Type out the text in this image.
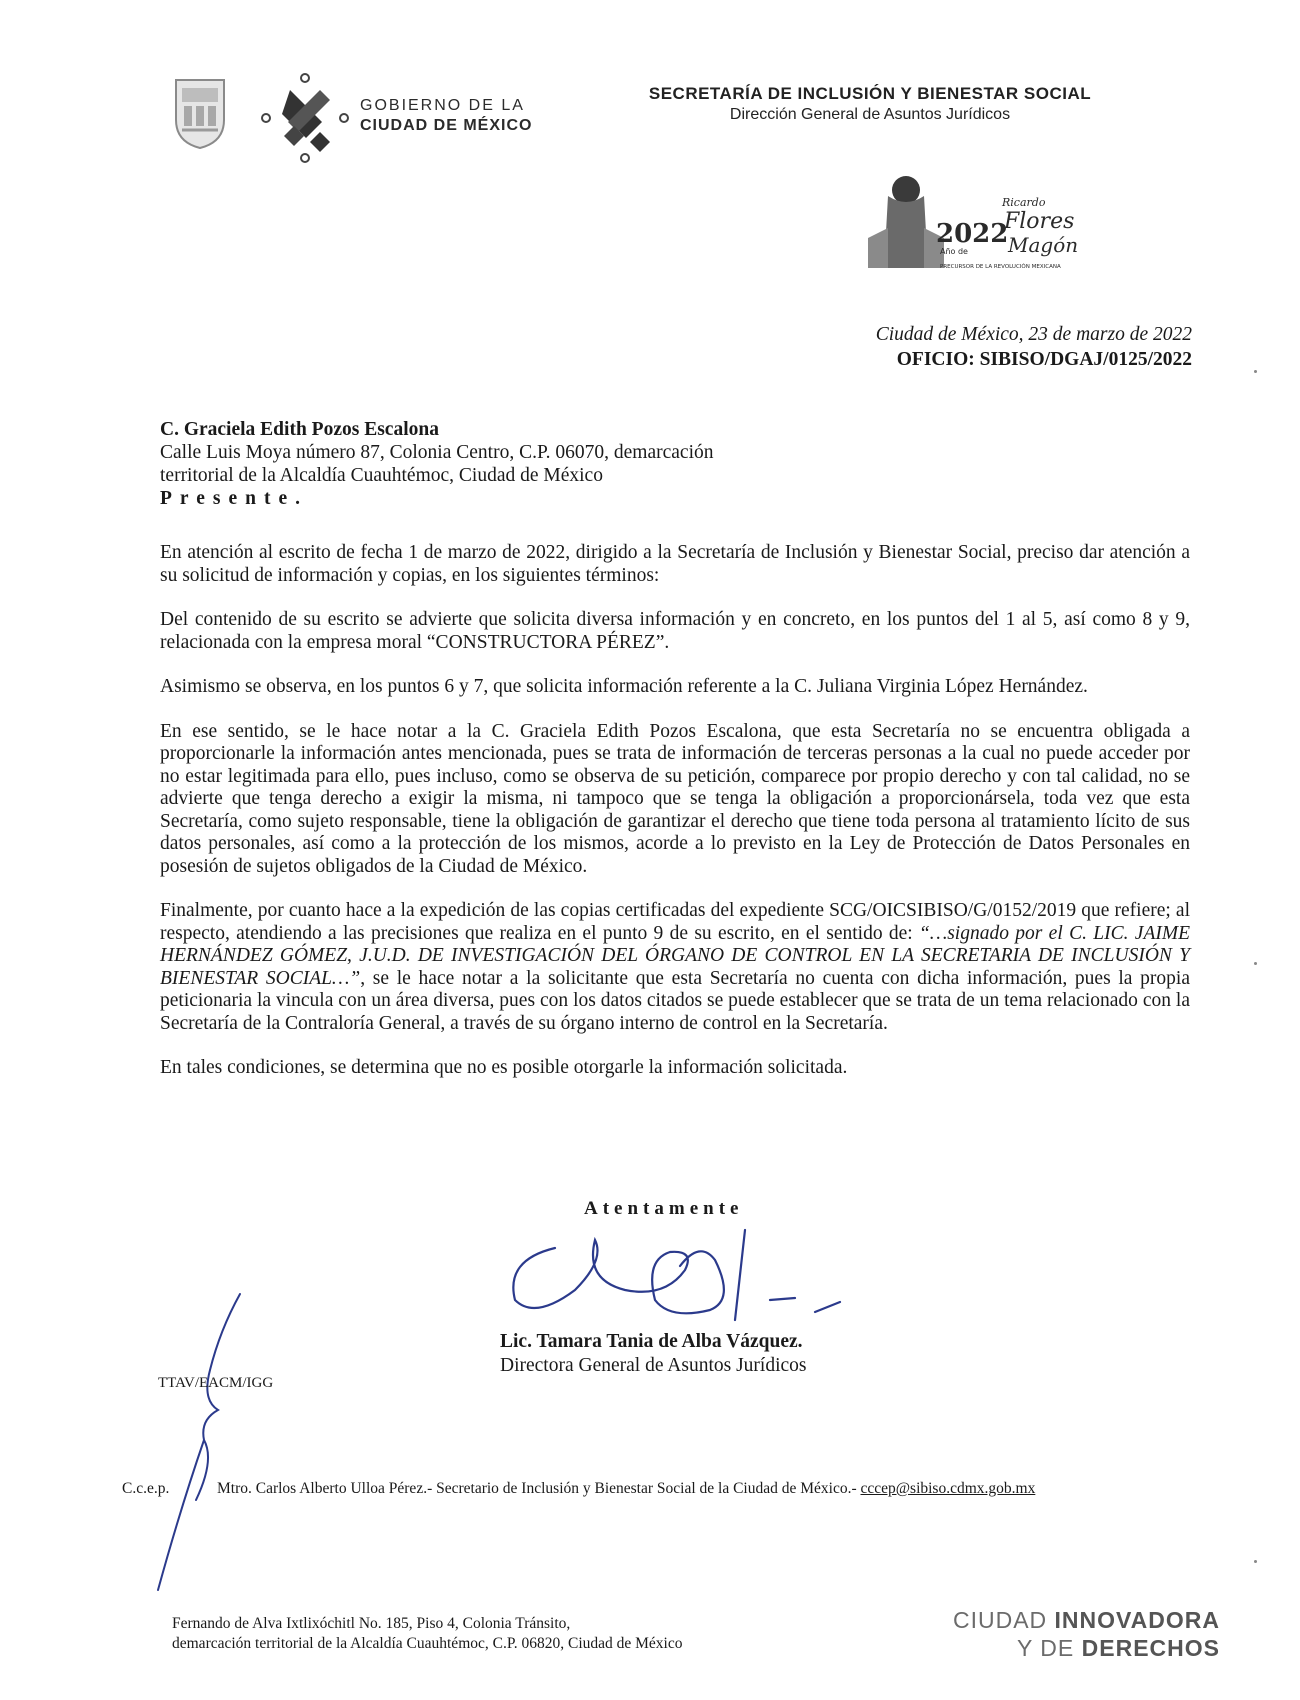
GOBIERNO DE LA
CIUDAD DE MÉXICO
SECRETARÍA DE INCLUSIÓN Y BIENESTAR SOCIAL
Dirección General de Asuntos Jurídicos
2022
Ricardo
Flores
Año de Magón
PRECURSOR DE LA REVOLUCIÓN MEXICANA
Ciudad de México, 23 de marzo de 2022
OFICIO: SIBISO/DGAJ/0125/2022
C. Graciela Edith Pozos Escalona
Calle Luis Moya número 87, Colonia Centro, C.P. 06070, demarcación
territorial de la Alcaldía Cuauhtémoc, Ciudad de México
Presente.

En atención al escrito de fecha 1 de marzo de 2022, dirigido a la Secretaría de Inclusión y Bienestar Social, preciso dar atención a su solicitud de información y copias, en los siguientes términos:

Del contenido de su escrito se advierte que solicita diversa información y en concreto, en los puntos del 1 al 5, así como 8 y 9, relacionada con la empresa moral “CONSTRUCTORA PÉREZ”.

Asimismo se observa, en los puntos 6 y 7, que solicita información referente a la C. Juliana Virginia López Hernández.

En ese sentido, se le hace notar a la C. Graciela Edith Pozos Escalona, que esta Secretaría no se encuentra obligada a proporcionarle la información antes mencionada, pues se trata de información de terceras personas a la cual no puede acceder por no estar legitimada para ello, pues incluso, como se observa de su petición, comparece por propio derecho y con tal calidad, no se advierte que tenga derecho a exigir la misma, ni tampoco que se tenga la obligación a proporcionársela, toda vez que esta Secretaría, como sujeto responsable, tiene la obligación de garantizar el derecho que tiene toda persona al tratamiento lícito de sus datos personales, así como a la protección de los mismos, acorde a lo previsto en la Ley de Protección de Datos Personales en posesión de sujetos obligados de la Ciudad de México.

Finalmente, por cuanto hace a la expedición de las copias certificadas del expediente SCG/OICSIBISO/G/0152/2019 que refiere; al respecto, atendiendo a las precisiones que realiza en el punto 9 de su escrito, en el sentido de: “…signado por el C. LIC. JAIME HERNÁNDEZ GÓMEZ, J.U.D. DE INVESTIGACIÓN DEL ÓRGANO DE CONTROL EN LA SECRETARIA DE INCLUSIÓN Y BIENESTAR SOCIAL…”, se le hace notar a la solicitante que esta Secretaría no cuenta con dicha información, pues la propia peticionaria la vincula con un área diversa, pues con los datos citados se puede establecer que se trata de un tema relacionado con la Secretaría de la Contraloría General, a través de su órgano interno de control en la Secretaría.

En tales condiciones, se determina que no es posible otorgarle la información solicitada.

Atentamente
Lic. Tamara Tania de Alba Vázquez.
Directora General de Asuntos Jurídicos
TTAV/EACM/IGG
C.c.e.p.	Mtro. Carlos Alberto Ulloa Pérez.- Secretario de Inclusión y Bienestar Social de la Ciudad de México.- cccep@sibiso.cdmx.gob.mx
Fernando de Alva Ixtlixóchitl No. 185, Piso 4, Colonia Tránsito,
demarcación territorial de la Alcaldía Cuauhtémoc, C.P. 06820, Ciudad de México
CIUDAD INNOVADORA
Y DE DERECHOS
